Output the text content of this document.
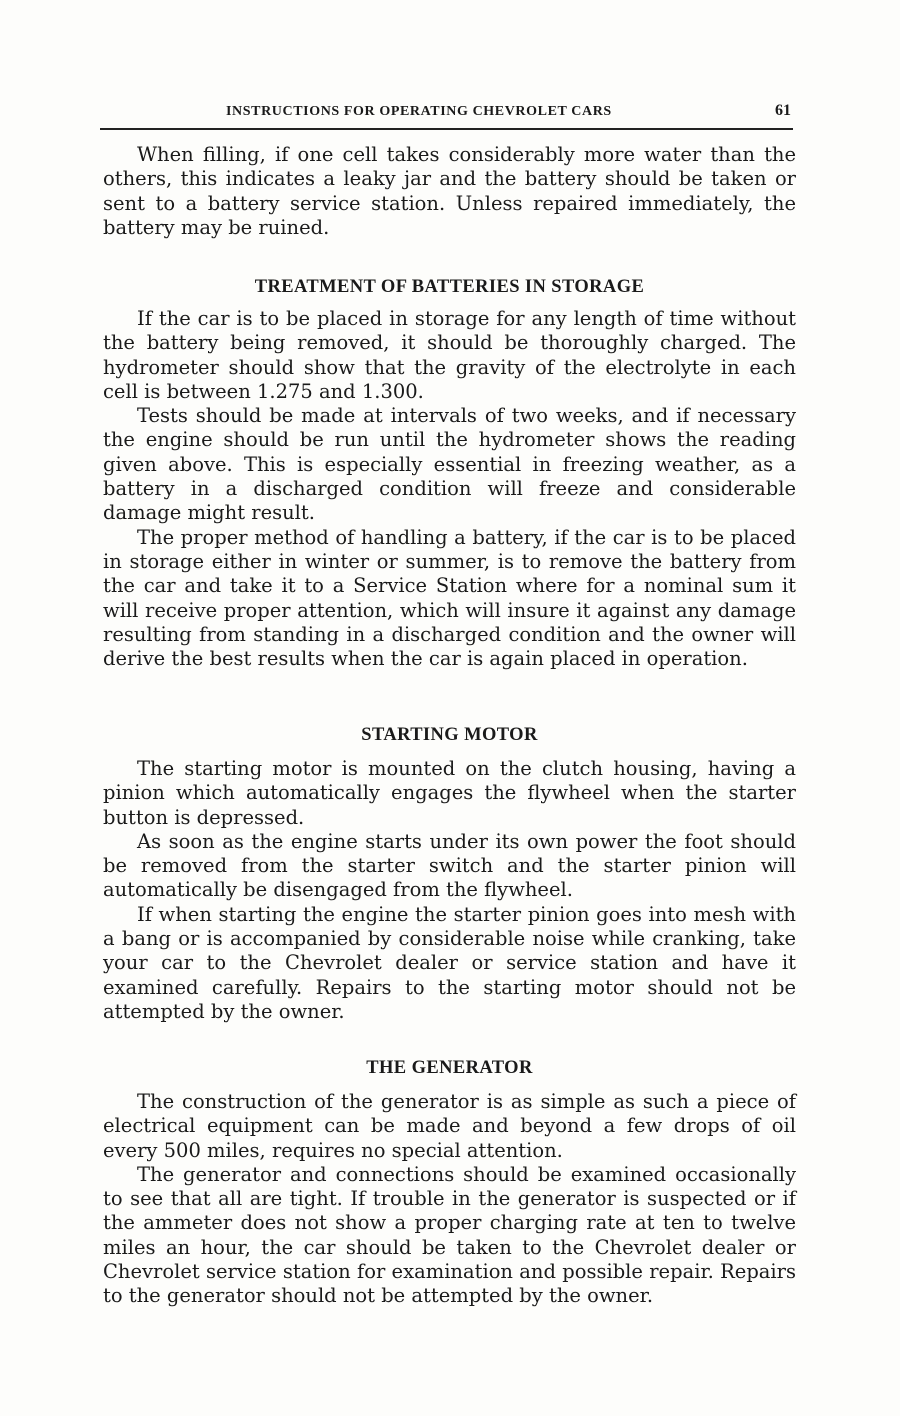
INSTRUCTIONS FOR OPERATING CHEVROLET CARS	61

When filling, if one cell takes considerably more water than the others, this indicates a leaky jar and the battery should be taken or sent to a battery service station. Unless repaired immediately, the battery may be ruined.

TREATMENT OF BATTERIES IN STORAGE

If the car is to be placed in storage for any length of time without the battery being removed, it should be thoroughly charged. The hydrometer should show that the gravity of the electrolyte in each cell is between 1.275 and 1.300.

Tests should be made at intervals of two weeks, and if necessary the engine should be run until the hydrometer shows the reading given above. This is especially essential in freezing weather, as a battery in a discharged condition will freeze and considerable damage might result.

The proper method of handling a battery, if the car is to be placed in storage either in winter or summer, is to remove the battery from the car and take it to a Service Station where for a nominal sum it will receive proper attention, which will insure it against any damage resulting from standing in a discharged condition and the owner will derive the best results when the car is again placed in operation.

STARTING MOTOR

The starting motor is mounted on the clutch housing, having a pinion which automatically engages the flywheel when the starter button is depressed.

As soon as the engine starts under its own power the foot should be removed from the starter switch and the starter pinion will automatically be disengaged from the flywheel.

If when starting the engine the starter pinion goes into mesh with a bang or is accompanied by considerable noise while cranking, take your car to the Chevrolet dealer or service station and have it examined carefully. Repairs to the starting motor should not be attempted by the owner.

THE GENERATOR

The construction of the generator is as simple as such a piece of electrical equipment can be made and beyond a few drops of oil every 500 miles, requires no special attention.

The generator and connections should be examined occasionally to see that all are tight. If trouble in the generator is suspected or if the ammeter does not show a proper charging rate at ten to twelve miles an hour, the car should be taken to the Chevrolet dealer or Chevrolet service station for examination and possible repair. Repairs to the generator should not be attempted by the owner.
